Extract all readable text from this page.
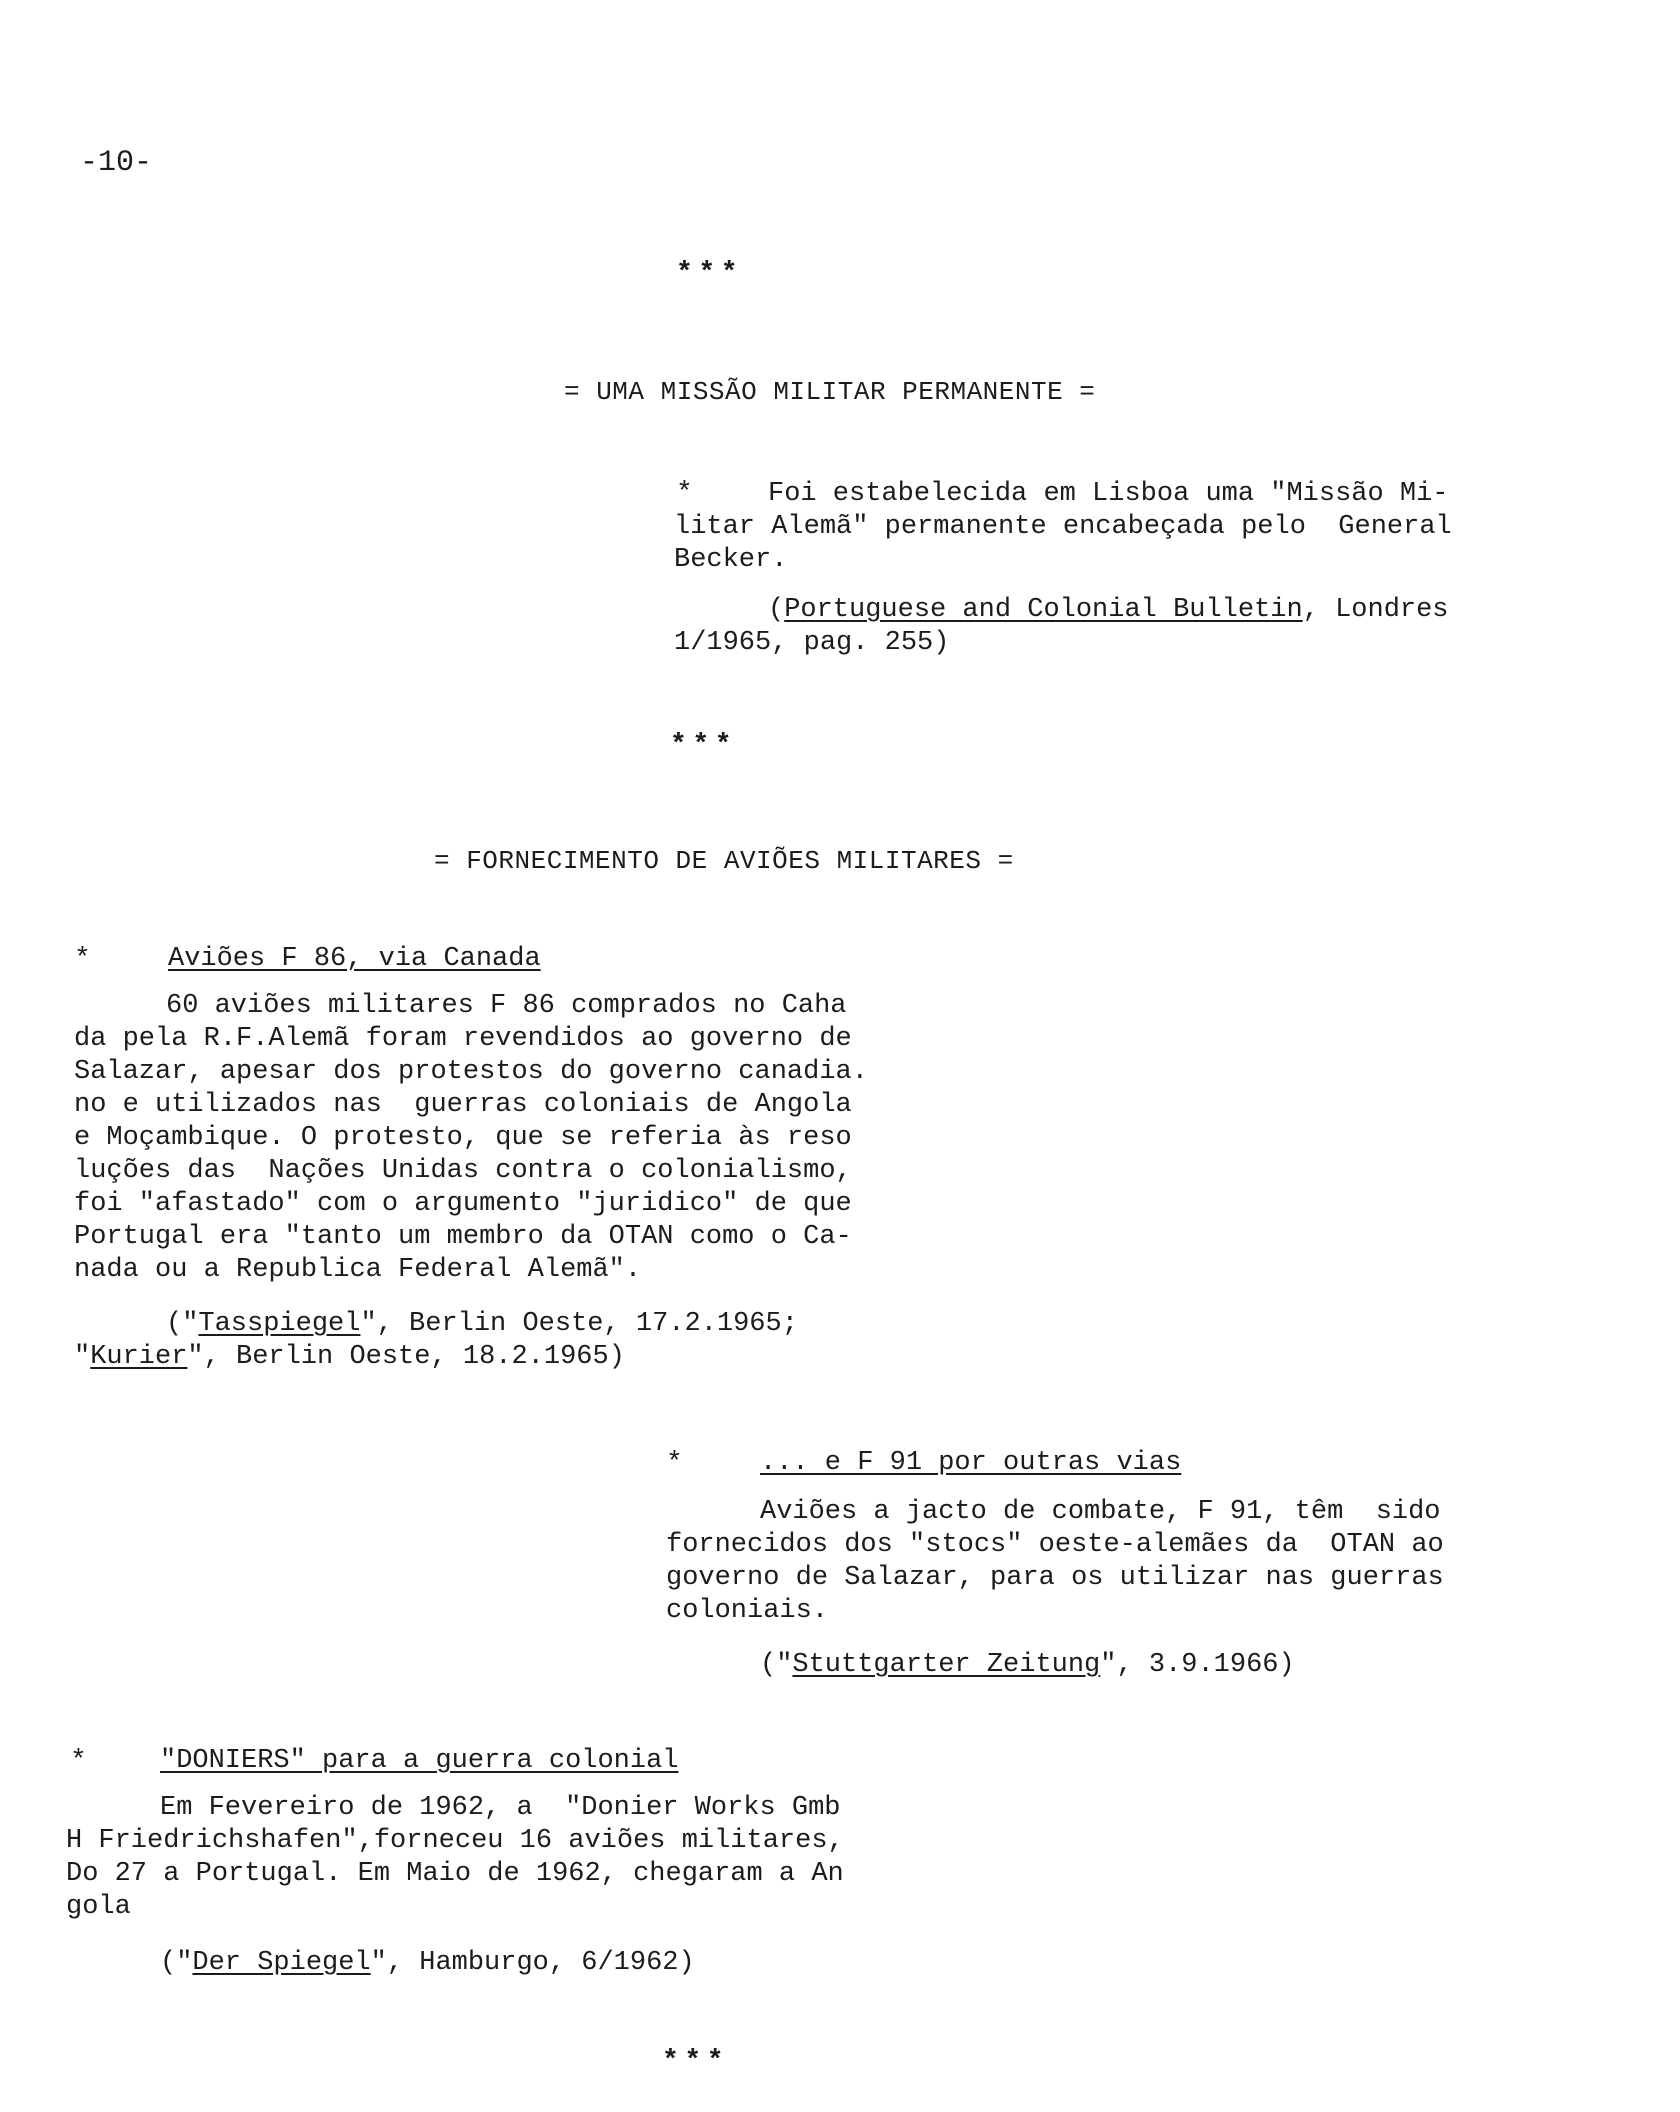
-10-
* * *
= UMA MISSÃO MILITAR PERMANENTE =
*	Foi estabelecida em Lisboa uma "Missão Mi-
litar Alemã" permanente encabeçada pelo  General
Becker.
(Portuguese and Colonial Bulletin, Londres
1/1965, pag. 255)
* * *
= FORNECIMENTO DE AVIÕES MILITARES =
*	Aviões F 86, via Canada
60 aviões militares F 86 comprados no Caha
da pela R.F.Alemã foram revendidos ao governo de
Salazar, apesar dos protestos do governo canadia.
no e utilizados nas  guerras coloniais de Angola
e Moçambique. O protesto, que se referia às reso
luções das  Nações Unidas contra o colonialismo,
foi "afastado" com o argumento "juridico" de que
Portugal era "tanto um membro da OTAN como o Ca-
nada ou a Republica Federal Alemã".
("Tasspiegel", Berlin Oeste, 17.2.1965;
"Kurier", Berlin Oeste, 18.2.1965)
*	... e F 91 por outras vias
Aviões a jacto de combate, F 91, têm  sido
fornecidos dos "stocs" oeste-alemães da  OTAN ao
governo de Salazar, para os utilizar nas guerras
coloniais.
("Stuttgarter Zeitung", 3.9.1966)
*	"DONIERS" para a guerra colonial
Em Fevereiro de 1962, a  "Donier Works Gmb
H Friedrichshafen",forneceu 16 aviões militares,
Do 27 a Portugal. Em Maio de 1962, chegaram a An
gola
("Der Spiegel", Hamburgo, 6/1962)
* * *
